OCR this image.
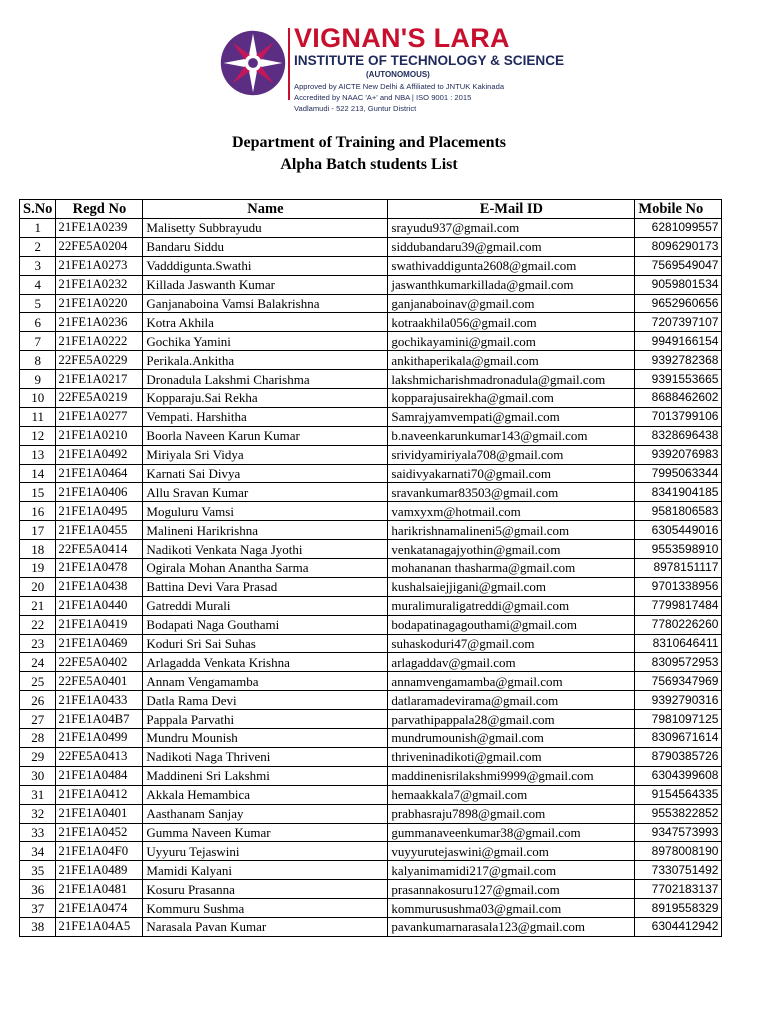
VIGNAN'S LARA
INSTITUTE OF TECHNOLOGY & SCIENCE
(AUTONOMOUS)
Approved by AICTE New Delhi & Affiliated to JNTUK Kakinada
Accredited by NAAC 'A+' and NBA | ISO 9001 : 2015
Vadlamudi - 522 213, Guntur District
Department of Training and Placements
Alpha Batch students List
S.No	Regd No	Name	E-Mail ID	Mobile No
1	21FE1A0239	Malisetty Subbrayudu	srayudu937@gmail.com	6281099557
2	22FE5A0204	Bandaru Siddu	siddubandaru39@gmail.com	8096290173
3	21FE1A0273	Vadddigunta.Swathi	swathivaddigunta2608@gmail.com	7569549047
4	21FE1A0232	Killada Jaswanth Kumar	jaswanthkumarkillada@gmail.com	9059801534
5	21FE1A0220	Ganjanaboina Vamsi Balakrishna	ganjanaboinav@gmail.com	9652960656
6	21FE1A0236	Kotra Akhila	kotraakhila056@gmail.com	7207397107
7	21FE1A0222	Gochika Yamini	gochikayamini@gmail.com	9949166154
8	22FE5A0229	Perikala.Ankitha	ankithaperikala@gmail.com	9392782368
9	21FE1A0217	Dronadula Lakshmi Charishma	lakshmicharishmadronadula@gmail.com	9391553665
10	22FE5A0219	Kopparaju.Sai Rekha	kopparajusairekha@gmail.com	8688462602
11	21FE1A0277	Vempati. Harshitha	Samrajyamvempati@gmail.com	7013799106
12	21FE1A0210	Boorla Naveen Karun Kumar	b.naveenkarunkumar143@gmail.com	8328696438
13	21FE1A0492	Miriyala Sri Vidya	srividyamiriyala708@gmail.com	9392076983
14	21FE1A0464	Karnati Sai Divya	saidivyakarnati70@gmail.com	7995063344
15	21FE1A0406	Allu Sravan Kumar	sravankumar83503@gmail.com	8341904185
16	21FE1A0495	Moguluru Vamsi	vamxyxm@hotmail.com	9581806583
17	21FE1A0455	Malineni Harikrishna	harikrishnamalineni5@gmail.com	6305449016
18	22FE5A0414	Nadikoti Venkata Naga Jyothi	venkatanagajyothin@gmail.com	9553598910
19	21FE1A0478	Ogirala Mohan Anantha Sarma	mohananan thasharma@gmail.com	8978151117
20	21FE1A0438	Battina Devi Vara Prasad	kushalsaiejjigani@gmail.com	9701338956
21	21FE1A0440	Gatreddi Murali	muralimuraligatreddi@gmail.com	7799817484
22	21FE1A0419	Bodapati Naga Gouthami	bodapatinagagouthami@gmail.com	7780226260
23	21FE1A0469	Koduri Sri Sai Suhas	suhaskoduri47@gmail.com	8310646411
24	22FE5A0402	Arlagadda Venkata Krishna	arlagaddav@gmail.com	8309572953
25	22FE5A0401	Annam Vengamamba	annamvengamamba@gmail.com	7569347969
26	21FE1A0433	Datla Rama Devi	datlaramadevirama@gmail.com	9392790316
27	21FE1A04B7	Pappala Parvathi	parvathipappala28@gmail.com	7981097125
28	21FE1A0499	Mundru Mounish	mundrumounish@gmail.com	8309671614
29	22FE5A0413	Nadikoti Naga Thriveni	thriveninadikoti@gmail.com	8790385726
30	21FE1A0484	Maddineni Sri Lakshmi	maddinenisrilakshmi9999@gmail.com	6304399608
31	21FE1A0412	Akkala Hemambica	hemaakkala7@gmail.com	9154564335
32	21FE1A0401	Aasthanam Sanjay	prabhasraju7898@gmail.com	9553822852
33	21FE1A0452	Gumma Naveen Kumar	gummanaveenkumar38@gmail.com	9347573993
34	21FE1A04F0	Uyyuru Tejaswini	vuyyurutejaswini@gmail.com	8978008190
35	21FE1A0489	Mamidi Kalyani	kalyanimamidi217@gmail.com	7330751492
36	21FE1A0481	Kosuru Prasanna	prasannakosuru127@gmail.com	7702183137
37	21FE1A0474	Kommuru Sushma	kommurusushma03@gmail.com	8919558329
38	21FE1A04A5	Narasala Pavan Kumar	pavankumarnarasala123@gmail.com	6304412942
